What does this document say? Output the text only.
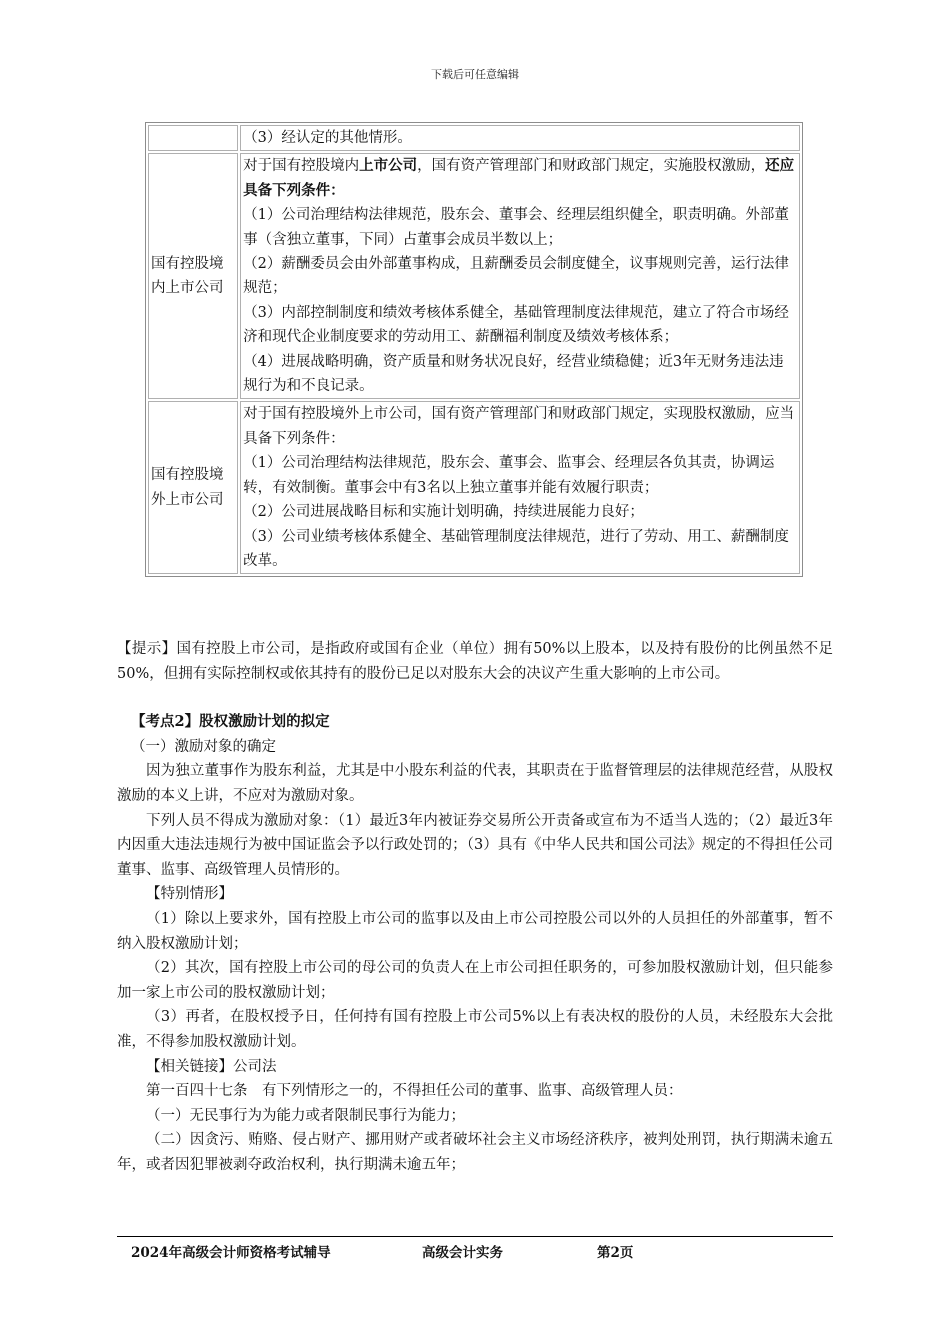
下载后可任意编辑
	（3）经认定的其他情形。
国有控股境内上市公司	对于国有控股境内上市公司，国有资产管理部门和财政部门规定，实施股权激励，还应具备下列条件：

（1）公司治理结构法律规范，股东会、董事会、经理层组织健全，职责明确。外部董事（含独立董事，下同）占董事会成员半数以上；

（2）薪酬委员会由外部董事构成，且薪酬委员会制度健全，议事规则完善，运行法律规范；

（3）内部控制制度和绩效考核体系健全，基础管理制度法律规范，建立了符合市场经济和现代企业制度要求的劳动用工、薪酬福利制度及绩效考核体系；

（4）进展战略明确，资产质量和财务状况良好，经营业绩稳健；近3年无财务违法违规行为和不良记录。

国有控股境外上市公司	对于国有控股境外上市公司，国有资产管理部门和财政部门规定，实现股权激励，应当具备下列条件：

（1）公司治理结构法律规范，股东会、董事会、监事会、经理层各负其责，协调运转，有效制衡。董事会中有3名以上独立董事并能有效履行职责；

（2）公司进展战略目标和实施计划明确，持续进展能力良好；

（3）公司业绩考核体系健全、基础管理制度法律规范，进行了劳动、用工、薪酬制度改革。

【提示】国有控股上市公司，是指政府或国有企业（单位）拥有50%以上股本，以及持有股份的比例虽然不足50%，但拥有实际控制权或依其持有的股份已足以对股东大会的决议产生重大影响的上市公司。

【考点2】股权激励计划的拟定

（一）激励对象的确定

因为独立董事作为股东利益，尤其是中小股东利益的代表，其职责在于监督管理层的法律规范经营，从股权激励的本义上讲，不应对为激励对象。

下列人员不得成为激励对象：（1）最近3年内被证券交易所公开责备或宣布为不适当人选的；（2）最近3年内因重大违法违规行为被中国证监会予以行政处罚的；（3）具有《中华人民共和国公司法》规定的不得担任公司董事、监事、高级管理人员情形的。

【特别情形】

（1）除以上要求外，国有控股上市公司的监事以及由上市公司控股公司以外的人员担任的外部董事，暂不纳入股权激励计划；

（2）其次，国有控股上市公司的母公司的负责人在上市公司担任职务的，可参加股权激励计划，但只能参加一家上市公司的股权激励计划；

（3）再者，在股权授予日，任何持有国有控股上市公司5%以上有表决权的股份的人员，未经股东大会批准，不得参加股权激励计划。

【相关链接】公司法

第一百四十七条　有下列情形之一的，不得担任公司的董事、监事、高级管理人员：

（一）无民事行为为能力或者限制民事行为能力；

（二）因贪污、贿赂、侵占财产、挪用财产或者破坏社会主义市场经济秩序，被判处刑罚，执行期满未逾五年，或者因犯罪被剥夺政治权利，执行期满未逾五年；

2024年高级会计师资格考试辅导	高级会计实务	第2页
